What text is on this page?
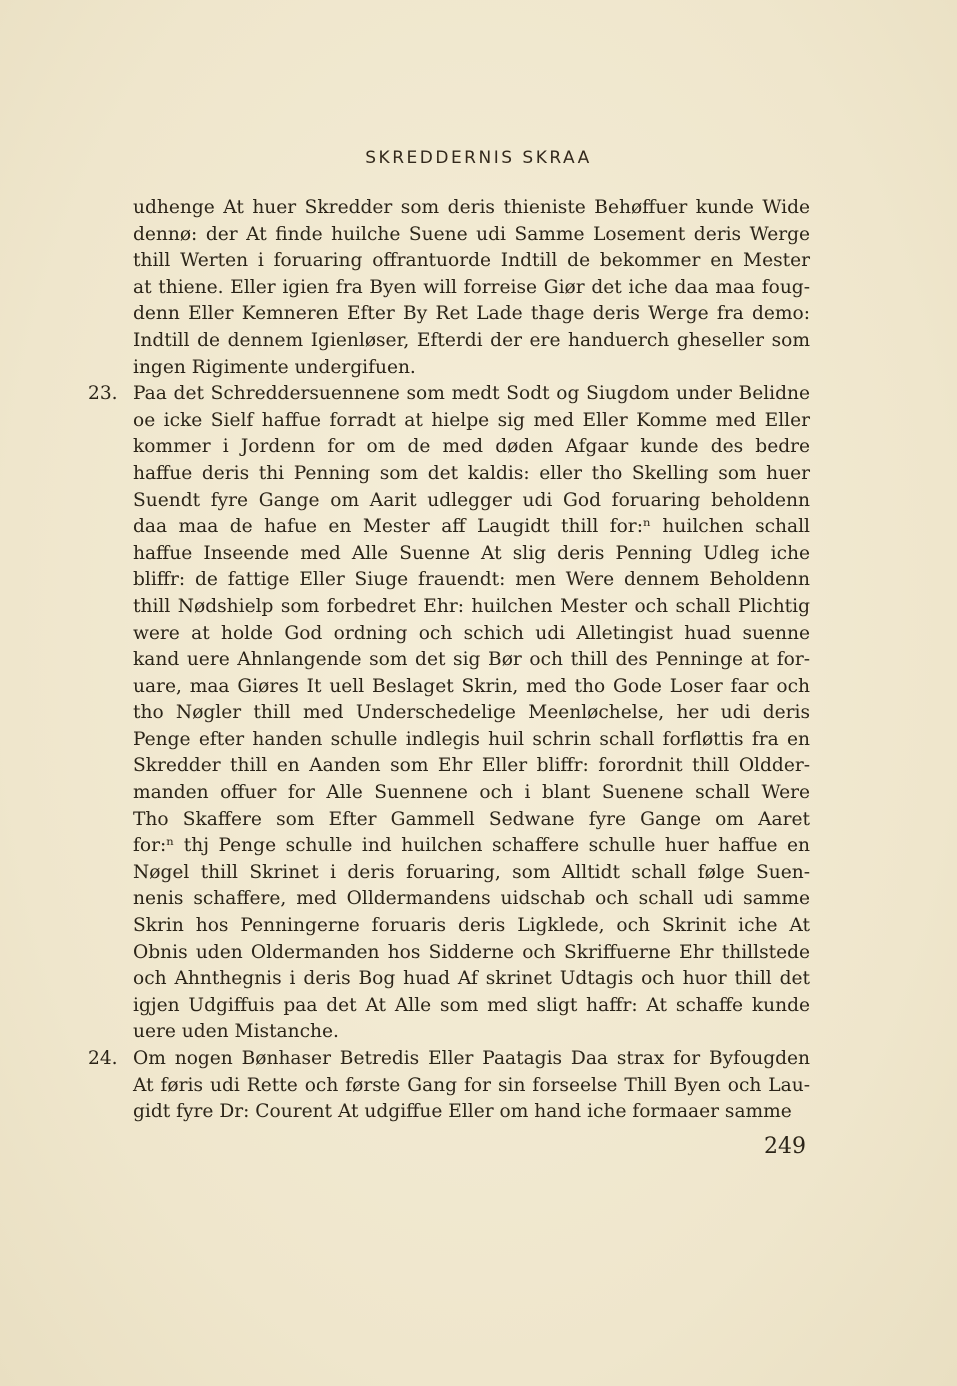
SKREDDERNIS SKRAA
udhenge At huer Skredder som deris thieniste Behøffuer kunde Wide
dennø: der At finde huilche Suene udi Samme Losement deris Werge
thill Werten i foruaring offrantuorde Indtill de bekommer en Mester
at thiene. Eller igien fra Byen will forreise Giør det iche daa maa foug-
denn Eller Kemneren Efter By Ret Lade thage deris Werge fra demo:
Indtill de dennem Igienløser, Efterdi der ere handuerch gheseller som
ingen Rigimente undergifuen.
23. Paa det Schreddersuennene som medt Sodt og Siugdom under Belidne
oe icke Sielf haffue forradt at hielpe sig med Eller Komme med Eller
kommer i Jordenn for om de med døden Afgaar kunde des bedre
haffue deris thi Penning som det kaldis: eller tho Skelling som huer
Suendt fyre Gange om Aarit udlegger udi God foruaring beholdenn
daa maa de hafue en Mester aff Laugidt thill for:ⁿ huilchen schall
haffue Inseende med Alle Suenne At slig deris Penning Udleg iche
bliffr: de fattige Eller Siuge frauendt: men Were dennem Beholdenn
thill Nødshielp som forbedret Ehr: huilchen Mester och schall Plichtig
were at holde God ordning och schich udi Alletingist huad suenne
kand uere Ahnlangende som det sig Bør och thill des Penninge at for-
uare, maa Giøres It uell Beslaget Skrin, med tho Gode Loser faar och
tho Nøgler thill med Underschedelige Meenløchelse, her udi deris
Penge efter handen schulle indlegis huil schrin schall forfløttis fra en
Skredder thill en Aanden som Ehr Eller bliffr: forordnit thill Oldder-
manden offuer for Alle Suennene och i blant Suenene schall Were
Tho Skaffere som Efter Gammell Sedwane fyre Gange om Aaret
for:ⁿ thj Penge schulle ind huilchen schaffere schulle huer haffue en
Nøgel thill Skrinet i deris foruaring, som Alltidt schall følge Suen-
nenis schaffere, med Olldermandens uidschab och schall udi samme
Skrin hos Penningerne foruaris deris Ligklede, och Skrinit iche At
Obnis uden Oldermanden hos Sidderne och Skriffuerne Ehr thillstede
och Ahnthegnis i deris Bog huad Af skrinet Udtagis och huor thill det
igjen Udgiffuis paa det At Alle som med sligt haffr: At schaffe kunde
uere uden Mistanche.
24. Om nogen Bønhaser Betredis Eller Paatagis Daa strax for Byfougden
At føris udi Rette och første Gang for sin forseelse Thill Byen och Lau-
gidt fyre Dr: Courent At udgiffue Eller om hand iche formaaer samme
249
